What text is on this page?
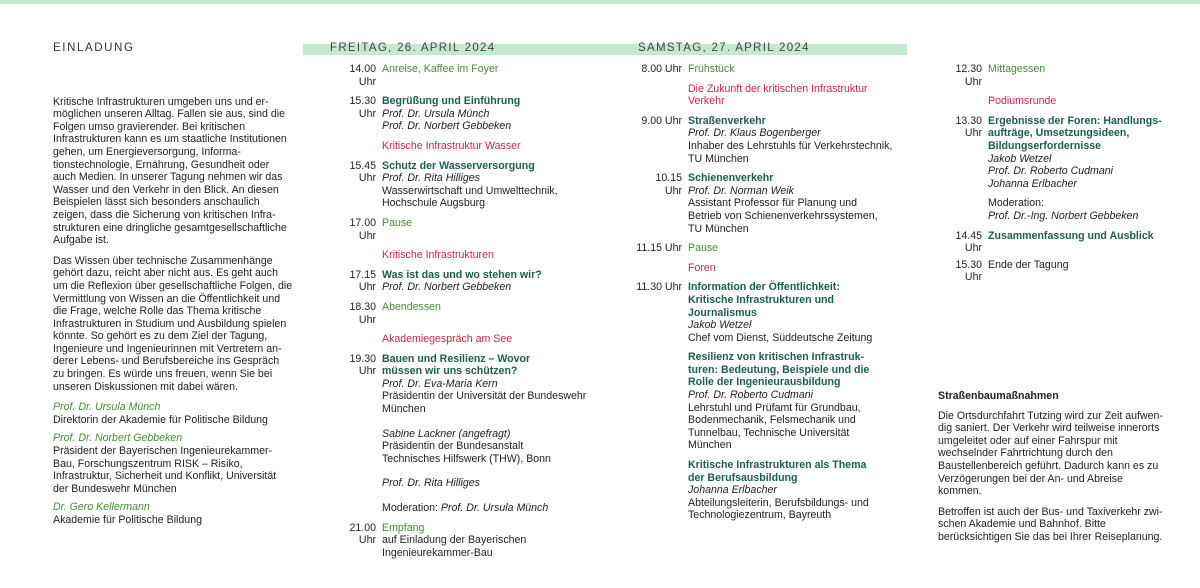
EINLADUNG

Kritische Infrastrukturen umgeben uns und ermöglichen unseren Alltag. Fallen sie aus, sind die Folgen umso gravierender. Bei kritischen Infrastrukturen kann es um staatliche Institutionen gehen, um Energieversorgung, Informationstechnologie, Ernährung, Gesundheit oder auch Medien. In unserer Tagung nehmen wir das Wasser und den Verkehr in den Blick. An diesen Beispielen lässt sich besonders anschaulich zeigen, dass die Sicherung von kritischen Infrastrukturen eine dringliche gesamtgesellschaftliche Aufgabe ist.

Das Wissen über technische Zusammenhänge gehört dazu, reicht aber nicht aus. Es geht auch um die Reflexion über gesellschaftliche Folgen, die Vermittlung von Wissen an die Öffentlichkeit und die Frage, welche Rolle das Thema kritische Infrastrukturen in Studium und Ausbildung spielen könnte. So gehört es zu dem Ziel der Tagung, Ingenieure und Ingenieurinnen mit Vertretern anderer Lebens- und Berufsbereiche ins Gespräch zu bringen. Es würde uns freuen, wenn Sie bei unseren Diskussionen mit dabei wären.

Prof. Dr. Ursula Münch
Direktorin der Akademie für Politische Bildung
Prof. Dr. Norbert Gebbeken
Präsident der Bayerischen Ingenieurekammer-Bau, Forschungszentrum RISK – Risiko, Infrastruktur, Sicherheit und Konflikt, Universität der Bundeswehr München
Dr. Gero Kellermann
Akademie für Politische Bildung
FREITAG, 26. APRIL 2024	SAMSTAG, 27. APRIL 2024
14.00 Uhr
Anreise, Kaffee im Foyer
15.30 Uhr
Begrüßung und Einführung
Prof. Dr. Ursula Münch
Prof. Dr. Norbert Gebbeken
Kritische Infrastruktur Wasser
15.45 Uhr
Schutz der Wasserversorgung
Prof. Dr. Rita Hilliges
Wasserwirtschaft und Umwelttechnik, Hochschule Augsburg
17.00 Uhr
Pause
Kritische Infrastrukturen
17.15 Uhr
Was ist das und wo stehen wir?
Prof. Dr. Norbert Gebbeken
18.30 Uhr
Abendessen
Akademiegespräch am See
19.30 Uhr
Bauen und Resilienz – Wovor müssen wir uns schützen?
Prof. Dr. Eva-Maria Kern
Präsidentin der Universität der Bundeswehr München
Sabine Lackner (angefragt)
Präsidentin der Bundesanstalt Technisches Hilfswerk (THW), Bonn
Prof. Dr. Rita Hilliges
Moderation: Prof. Dr. Ursula Münch
21.00 Uhr
Empfang
auf Einladung der Bayerischen Ingenieurekammer-Bau
8.00 Uhr Frühstück
Die Zukunft der kritischen Infrastruktur Verkehr
9.00 Uhr Straßenverkehr
Prof. Dr. Klaus Bogenberger
Inhaber des Lehrstuhls für Verkehrstechnik, TU München
10.15 Uhr
Schienenverkehr
Prof. Dr. Norman Weik
Assistant Professor für Planung und Betrieb von Schienenverkehrssystemen, TU München
11.15 Uhr Pause
Foren
11.30 Uhr Information der Öffentlichkeit: Kritische Infrastrukturen und Journalismus
Jakob Wetzel
Chef vom Dienst, Süddeutsche Zeitung
Resilienz von kritischen Infrastrukturen: Bedeutung, Beispiele und die Rolle der Ingenieurausbildung
Prof. Dr. Roberto Cudmani
Lehrstuhl und Prüfamt für Grundbau, Bodenmechanik, Felsmechanik und Tunnelbau, Technische Universität München
Kritische Infrastrukturen als Thema der Berufsausbildung
Johanna Erlbacher
Abteilungsleiterin, Berufsbildungs- und Technologiezentrum, Bayreuth
12.30 Uhr
Mittagessen
Podiumsrunde
13.30 Uhr
Ergebnisse der Foren: Handlungsaufträge, Umsetzungsideen, Bildungserfordernisse
Jakob Wetzel
Prof. Dr. Roberto Cudmani
Johanna Erlbacher
Moderation:
Prof. Dr.-Ing. Norbert Gebbeken
14.45 Uhr
Zusammenfassung und Ausblick
15.30 Uhr
Ende der Tagung
Straßenbaumaßnahmen

Die Ortsdurchfahrt Tutzing wird zur Zeit aufwendig saniert. Der Verkehr wird teilweise innerorts umgeleitet oder auf einer Fahrspur mit wechselnder Fahrtrichtung durch den Baustellenbereich geführt. Dadurch kann es zu Verzögerungen bei der An- und Abreise kommen.

Betroffen ist auch der Bus- und Taxiverkehr zwischen Akademie und Bahnhof. Bitte berücksichtigen Sie das bei Ihrer Reiseplanung.
